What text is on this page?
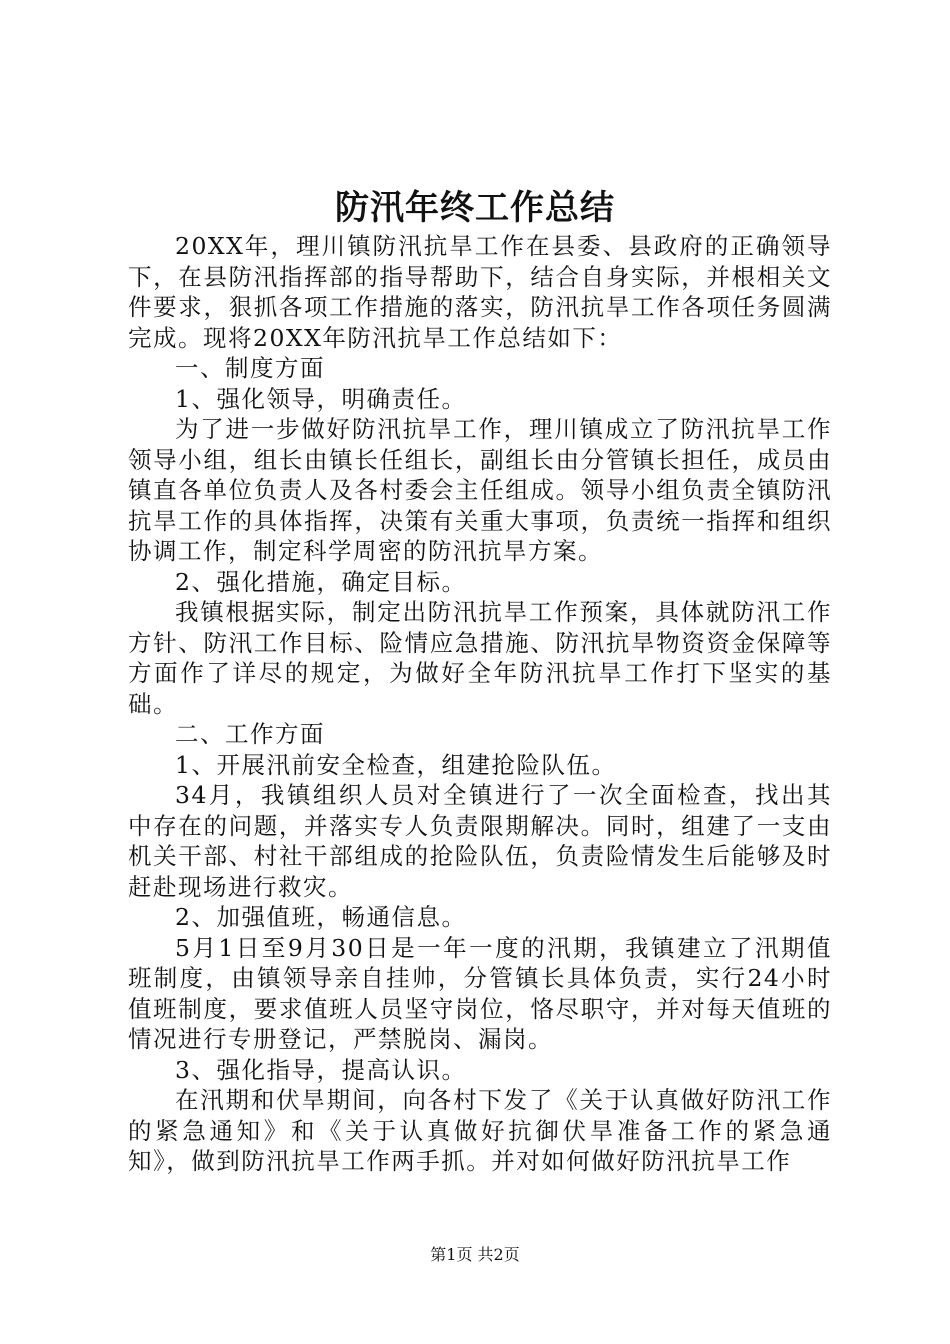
防汛年终工作总结

20XX年，理川镇防汛抗旱工作在县委、县政府的正确领导下，在县防汛指挥部的指导帮助下，结合自身实际，并根相关文件要求，狠抓各项工作措施的落实，防汛抗旱工作各项任务圆满完成。现将20XX年防汛抗旱工作总结如下：

一、制度方面

1、强化领导，明确责任。

为了进一步做好防汛抗旱工作，理川镇成立了防汛抗旱工作领导小组，组长由镇长任组长，副组长由分管镇长担任，成员由镇直各单位负责人及各村委会主任组成。领导小组负责全镇防汛抗旱工作的具体指挥，决策有关重大事项，负责统一指挥和组织协调工作，制定科学周密的防汛抗旱方案。

2、强化措施，确定目标。

我镇根据实际，制定出防汛抗旱工作预案，具体就防汛工作方针、防汛工作目标、险情应急措施、防汛抗旱物资资金保障等方面作了详尽的规定，为做好全年防汛抗旱工作打下坚实的基础。

二、工作方面

1、开展汛前安全检查，组建抢险队伍。

34月，我镇组织人员对全镇进行了一次全面检查，找出其中存在的问题，并落实专人负责限期解决。同时，组建了一支由机关干部、村社干部组成的抢险队伍，负责险情发生后能够及时赶赴现场进行救灾。

2、加强值班，畅通信息。

5月1日至9月30日是一年一度的汛期，我镇建立了汛期值班制度，由镇领导亲自挂帅，分管镇长具体负责，实行24小时值班制度，要求值班人员坚守岗位，恪尽职守，并对每天值班的情况进行专册登记，严禁脱岗、漏岗。

3、强化指导，提高认识。

在汛期和伏旱期间，向各村下发了《关于认真做好防汛工作的紧急通知》和《关于认真做好抗御伏旱准备工作的紧急通知》，做到防汛抗旱工作两手抓。并对如何做好防汛抗旱工作

第1页 共2页
